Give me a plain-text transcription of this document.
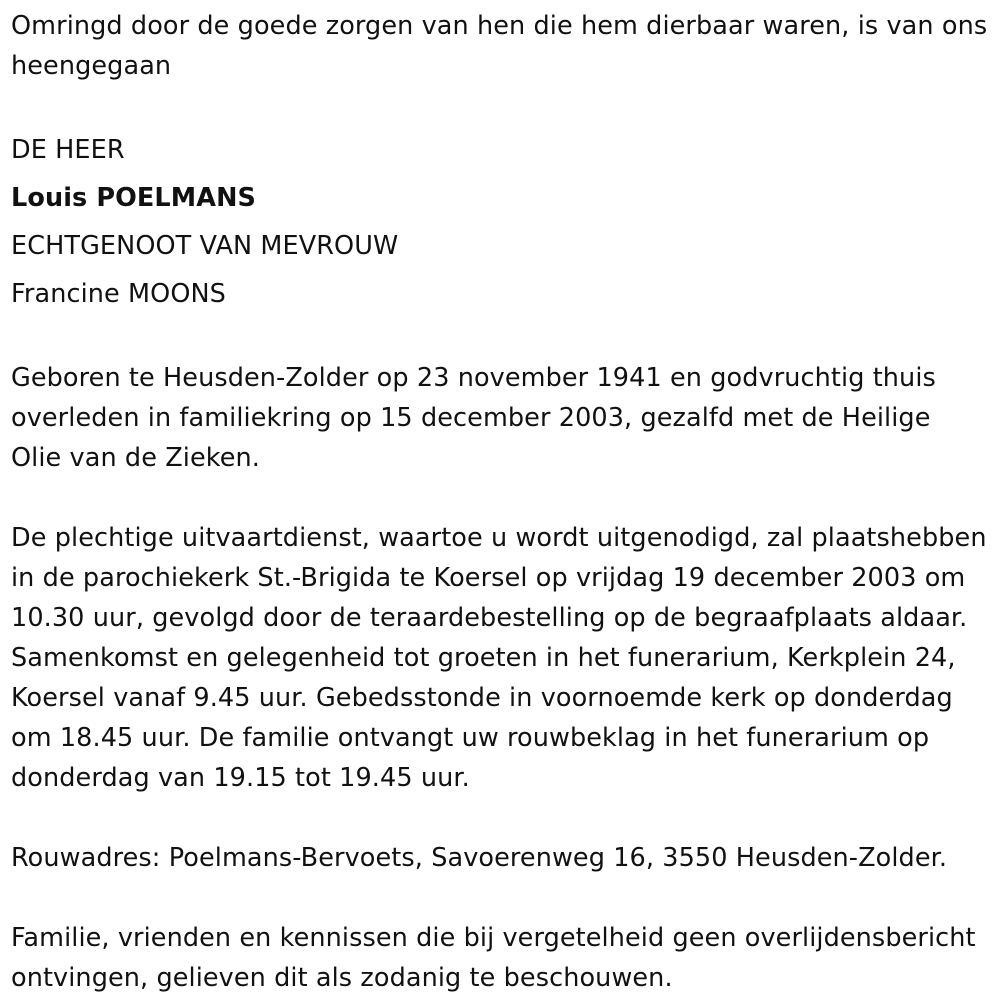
Omringd door de goede zorgen van hen die hem dierbaar waren, is van ons heengegaan

DE HEER

Louis POELMANS

ECHTGENOOT VAN MEVROUW

Francine MOONS

Geboren te Heusden-Zolder op 23 november 1941 en godvruchtig thuis overleden in familiekring op 15 december 2003, gezalfd met de Heilige Olie van de Zieken.

De plechtige uitvaartdienst, waartoe u wordt uitgenodigd, zal plaatshebben in de parochiekerk St.-Brigida te Koersel op vrijdag 19 december 2003 om 10.30 uur, gevolgd door de teraardebestelling op de begraafplaats aldaar. Samenkomst en gelegenheid tot groeten in het funerarium, Kerkplein 24, Koersel vanaf 9.45 uur. Gebedsstonde in voornoemde kerk op donderdag om 18.45 uur. De familie ontvangt uw rouwbeklag in het funerarium op donderdag van 19.15 tot 19.45 uur.

Rouwadres: Poelmans-Bervoets, Savoerenweg 16, 3550 Heusden-Zolder.

Familie, vrienden en kennissen die bij vergetelheid geen overlijdensbericht ontvingen, gelieven dit als zodanig te beschouwen.
